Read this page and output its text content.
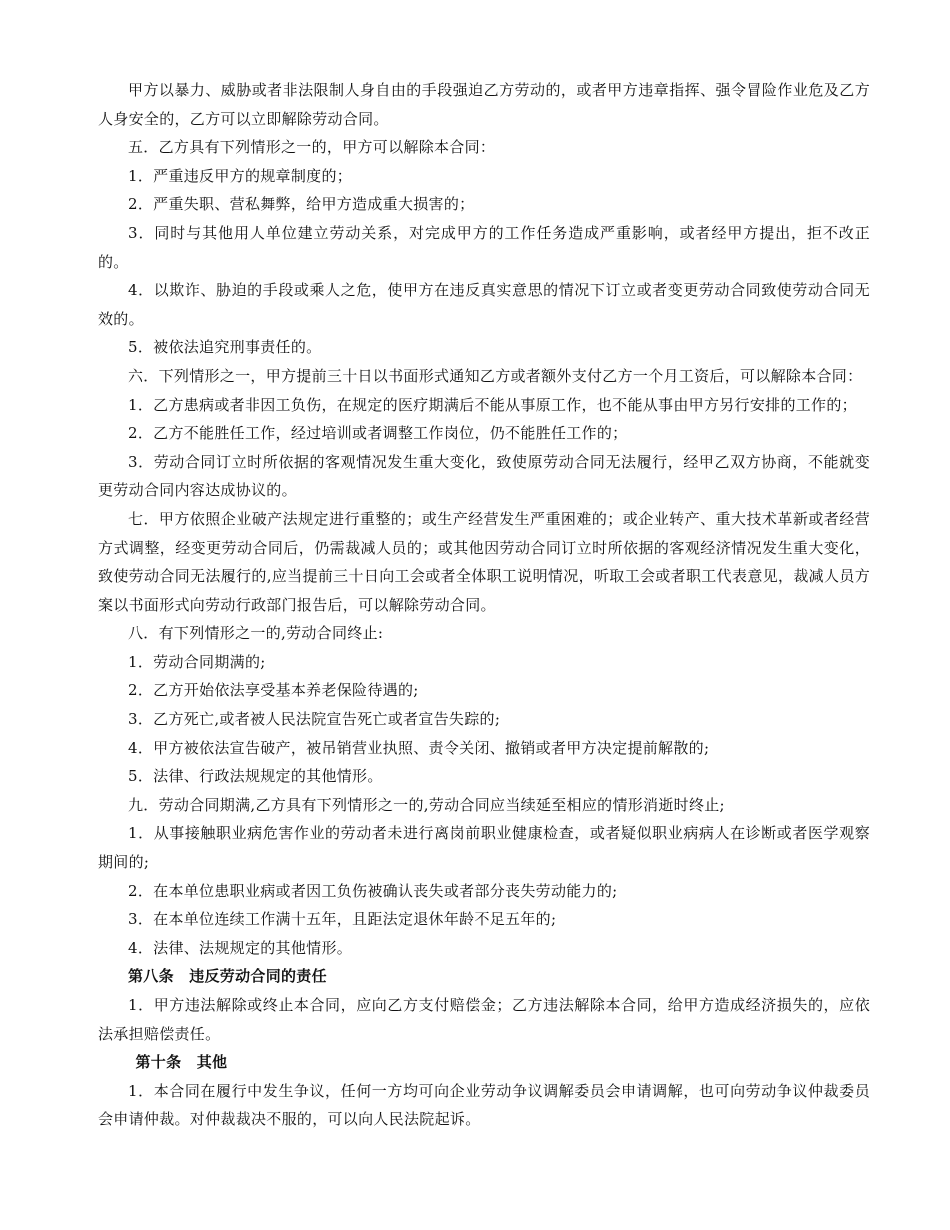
甲方以暴力、威胁或者非法限制人身自由的手段强迫乙方劳动的，或者甲方违章指挥、强令冒险作业危及乙方人身安全的，乙方可以立即解除劳动合同。

五．乙方具有下列情形之一的，甲方可以解除本合同：

1．严重违反甲方的规章制度的；

2．严重失职、营私舞弊，给甲方造成重大损害的；

3．同时与其他用人单位建立劳动关系，对完成甲方的工作任务造成严重影响，或者经甲方提出，拒不改正的。

4．以欺诈、胁迫的手段或乘人之危，使甲方在违反真实意思的情况下订立或者变更劳动合同致使劳动合同无效的。

5．被依法追究刑事责任的。

六．下列情形之一，甲方提前三十日以书面形式通知乙方或者额外支付乙方一个月工资后，可以解除本合同：

1．乙方患病或者非因工负伤，在规定的医疗期满后不能从事原工作，也不能从事由甲方另行安排的工作的；

2．乙方不能胜任工作，经过培训或者调整工作岗位，仍不能胜任工作的；

3．劳动合同订立时所依据的客观情况发生重大变化，致使原劳动合同无法履行，经甲乙双方协商，不能就变更劳动合同内容达成协议的。

七．甲方依照企业破产法规定进行重整的；或生产经营发生严重困难的；或企业转产、重大技术革新或者经营方式调整，经变更劳动合同后，仍需裁减人员的；或其他因劳动合同订立时所依据的客观经济情况发生重大变化，致使劳动合同无法履行的,应当提前三十日向工会或者全体职工说明情况，听取工会或者职工代表意见，裁减人员方案以书面形式向劳动行政部门报告后，可以解除劳动合同。

八．有下列情形之一的,劳动合同终止:

1．劳动合同期满的;

2．乙方开始依法享受基本养老保险待遇的;

3．乙方死亡,或者被人民法院宣告死亡或者宣告失踪的;

4．甲方被依法宣告破产，被吊销营业执照、责令关闭、撤销或者甲方决定提前解散的;

5．法律、行政法规规定的其他情形。

九．劳动合同期满,乙方具有下列情形之一的,劳动合同应当续延至相应的情形消逝时终止;

1．从事接触职业病危害作业的劳动者未进行离岗前职业健康检查，或者疑似职业病病人在诊断或者医学观察期间的;

2．在本单位患职业病或者因工负伤被确认丧失或者部分丧失劳动能力的;

3．在本单位连续工作满十五年，且距法定退休年龄不足五年的;

4．法律、法规规定的其他情形。

第八条　违反劳动合同的责任

1．甲方违法解除或终止本合同，应向乙方支付赔偿金；乙方违法解除本合同，给甲方造成经济损失的，应依法承担赔偿责任。

第十条　其他

1．本合同在履行中发生争议，任何一方均可向企业劳动争议调解委员会申请调解，也可向劳动争议仲裁委员会申请仲裁。对仲裁裁决不服的，可以向人民法院起诉。
